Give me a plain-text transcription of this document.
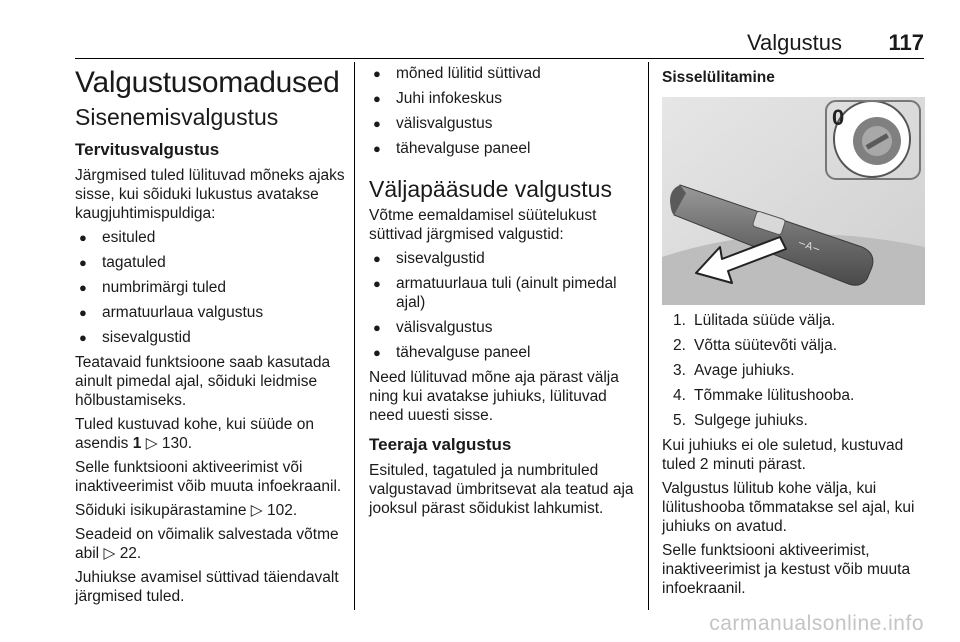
Valgustus 117
Valgustusomadused
Sisenemisvalgustus
Tervitusvalgustus

Järgmised tuled lülituvad mõneks ajaks sisse, kui sõiduki lukustus avatakse kaugjuhtimispuldiga:

● esituled
● tagatuled
● numbrimärgi tuled
● armatuurlaua valgustus
● sisevalgustid

Teatavaid funktsioone saab kasutada ainult pimedal ajal, sõiduki leidmise hõlbustamiseks.

Tuled kustuvad kohe, kui süüde on asendis 1 ▷ 130.

Selle funktsiooni aktiveerimist või inaktiveerimist võib muuta infoekraanil.

Sõiduki isikupärastamine ▷ 102.

Seadeid on võimalik salvestada võtme abil ▷ 22.

Juhiukse avamisel süttivad täiendavalt järgmised tuled.

● mõned lülitid süttivad
● Juhi infokeskus
● välisvalgustus
● tähevalguse paneel
Väljapääsude valgustus

Võtme eemaldamisel süütelukust süttivad järgmised valgustid:

● sisevalgustid
● armatuurlaua tuli (ainult pimedal ajal)
● välisvalgustus
● tähevalguse paneel

Need lülituvad mõne aja pärast välja ning kui avatakse juhiuks, lülituvad need uuesti sisse.

Teeraja valgustus

Esituled, tagatuled ja numbrituled valgustavad ümbritsevat ala teatud aja jooksul pärast sõidukist lahkumist.

Sisselülitamine
−A−
0
1. Lülitada süüde välja.
2. Võtta süütevõti välja.
3. Avage juhiuks.
4. Tõmmake lülitushooba.
5. Sulgege juhiuks.

Kui juhiuks ei ole suletud, kustuvad tuled 2 minuti pärast.

Valgustus lülitub kohe välja, kui lülitushooba tõmmatakse sel ajal, kui juhiuks on avatud.

Selle funktsiooni aktiveerimist, inaktiveerimist ja kestust võib muuta infoekraanil.

carmanualsonline.info
